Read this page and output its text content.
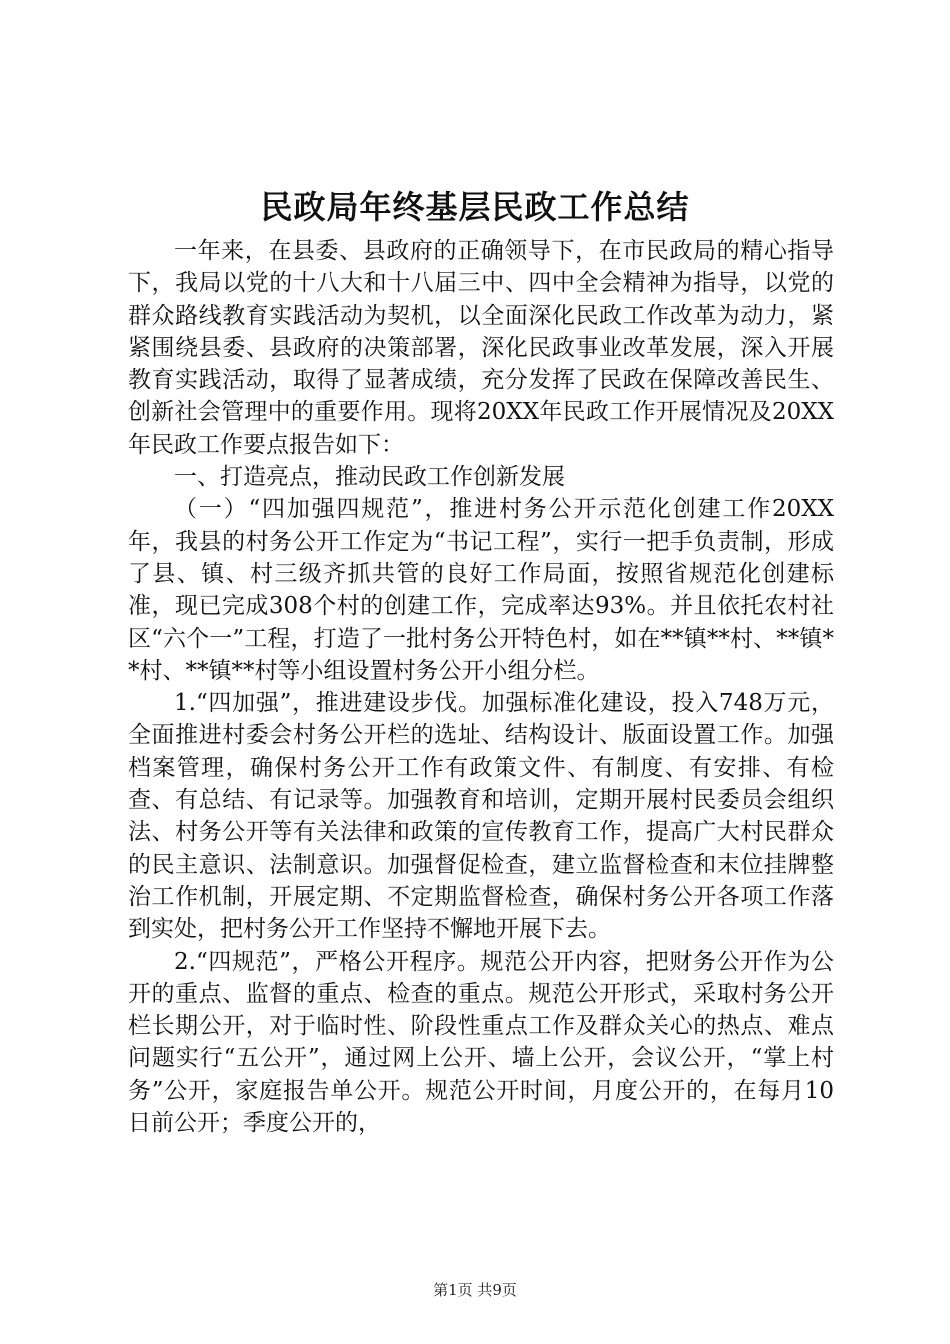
民政局年终基层民政工作总结

一年来，在县委、县政府的正确领导下，在市民政局的精心指导下，我局以党的十八大和十八届三中、四中全会精神为指导，以党的群众路线教育实践活动为契机，以全面深化民政工作改革为动力，紧紧围绕县委、县政府的决策部署，深化民政事业改革发展，深入开展教育实践活动，取得了显著成绩，充分发挥了民政在保障改善民生、创新社会管理中的重要作用。现将20XX年民政工作开展情况及20XX年民政工作要点报告如下：

一、打造亮点，推动民政工作创新发展

（一）“四加强四规范”，推进村务公开示范化创建工作20XX年，我县的村务公开工作定为“书记工程”，实行一把手负责制，形成了县、镇、村三级齐抓共管的良好工作局面，按照省规范化创建标准，现已完成308个村的创建工作，完成率达93%。并且依托农村社区“六个一”工程，打造了一批村务公开特色村，如在**镇**村、**镇**村、**镇**村等小组设置村务公开小组分栏。

1.“四加强”，推进建设步伐。加强标准化建设，投入748万元，全面推进村委会村务公开栏的选址、结构设计、版面设置工作。加强档案管理，确保村务公开工作有政策文件、有制度、有安排、有检查、有总结、有记录等。加强教育和培训，定期开展村民委员会组织法、村务公开等有关法律和政策的宣传教育工作，提高广大村民群众的民主意识、法制意识。加强督促检查，建立监督检查和末位挂牌整治工作机制，开展定期、不定期监督检查，确保村务公开各项工作落到实处，把村务公开工作坚持不懈地开展下去。

2.“四规范”，严格公开程序。规范公开内容，把财务公开作为公开的重点、监督的重点、检查的重点。规范公开形式，采取村务公开栏长期公开，对于临时性、阶段性重点工作及群众关心的热点、难点问题实行“五公开”，通过网上公开、墙上公开，会议公开，“掌上村务”公开，家庭报告单公开。规范公开时间，月度公开的，在每月10日前公开；季度公开的，

第1页 共9页
